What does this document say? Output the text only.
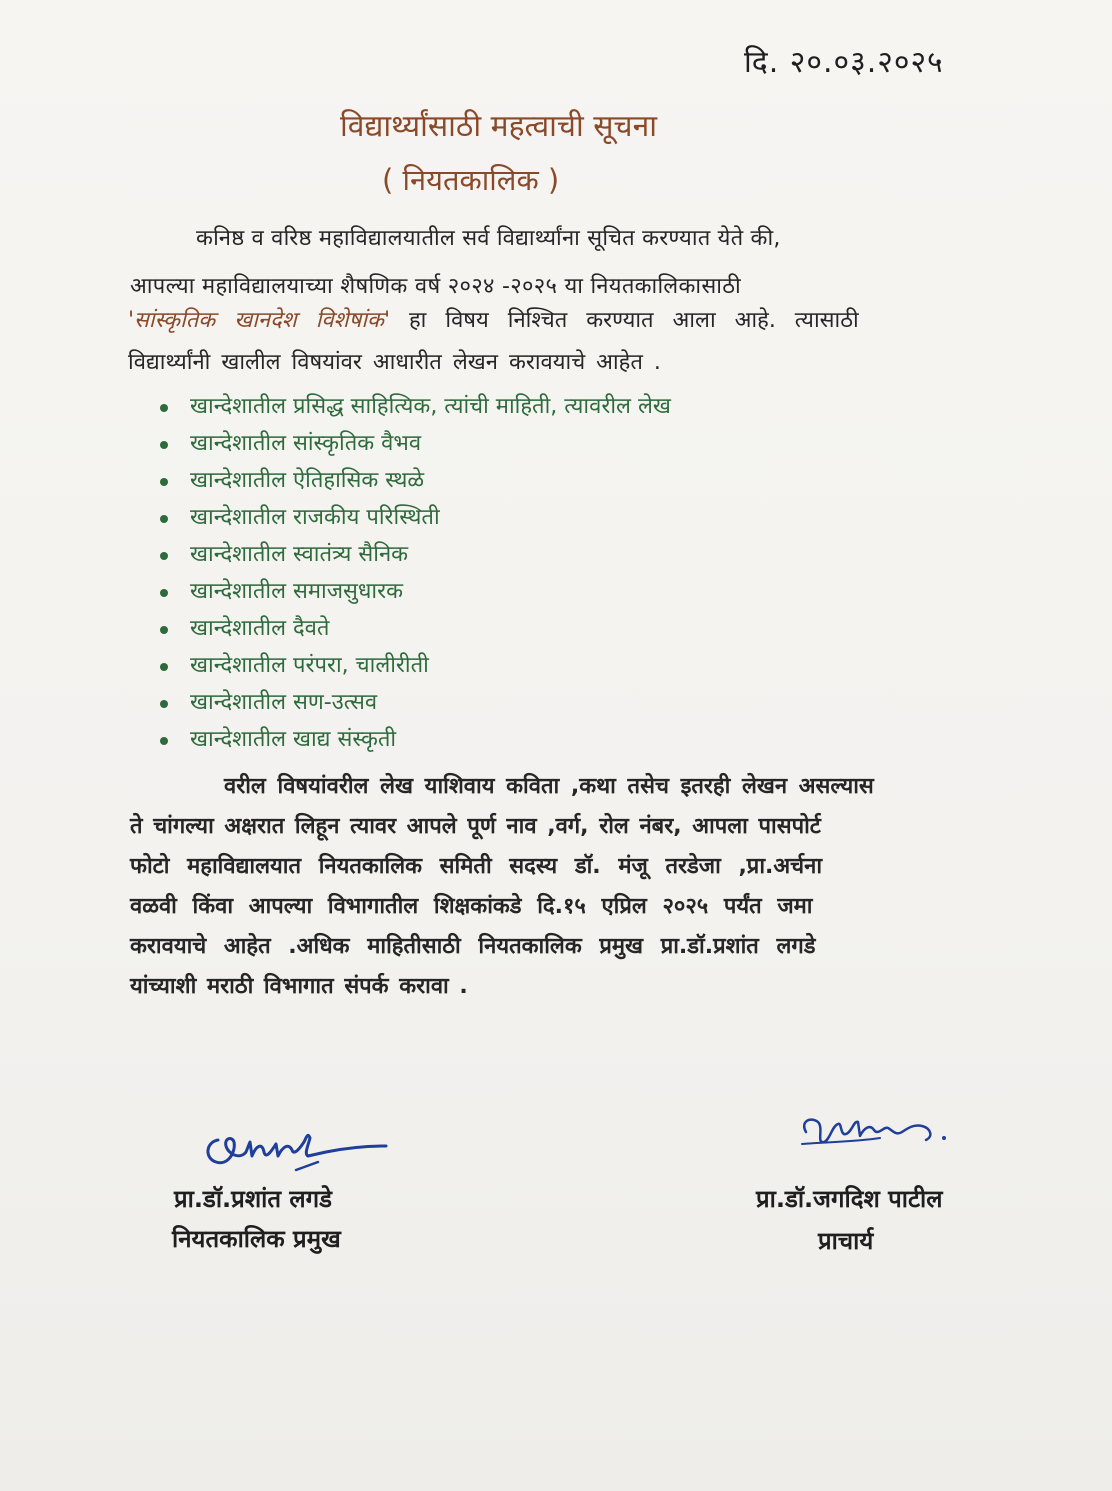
दि. २०.०३.२०२५
विद्यार्थ्यांसाठी महत्वाची सूचना
( नियतकालिक )
कनिष्ठ व वरिष्ठ महाविद्यालयातील सर्व विद्यार्थ्यांना सूचित करण्यात येते की,
आपल्या महाविद्यालयाच्या शैषणिक वर्ष २०२४ -२०२५ या नियतकालिकासाठी
'सांस्कृतिक खानदेश विशेषांक' हा विषय निश्चित करण्यात आला आहे. त्यासाठी
विद्यार्थ्यांनी खालील विषयांवर आधारीत लेखन करावयाचे आहेत .
खान्देशातील प्रसिद्ध साहित्यिक, त्यांची माहिती, त्यावरील लेख
खान्देशातील सांस्कृतिक वैभव
खान्देशातील ऐतिहासिक स्थळे
खान्देशातील राजकीय परिस्थिती
खान्देशातील स्वातंत्र्य सैनिक
खान्देशातील समाजसुधारक
खान्देशातील दैवते
खान्देशातील परंपरा, चालीरीती
खान्देशातील सण-उत्सव
खान्देशातील खाद्य संस्कृती
वरील विषयांवरील लेख याशिवाय कविता ,कथा तसेच इतरही लेखन असल्यास
ते चांगल्या अक्षरात लिहून त्यावर आपले पूर्ण नाव ,वर्ग, रोल नंबर, आपला पासपोर्ट
फोटो महाविद्यालयात नियतकालिक समिती सदस्य डॉ. मंजू तरडेजा ,प्रा.अर्चना
वळवी किंवा आपल्या विभागातील शिक्षकांकडे दि.१५ एप्रिल २०२५ पर्यंत जमा
करावयाचे आहेत .अधिक माहितीसाठी नियतकालिक प्रमुख प्रा.डॉ.प्रशांत लगडे
यांच्याशी मराठी विभागात संपर्क करावा .
प्रा.डॉ.प्रशांत लगडे
नियतकालिक प्रमुख
प्रा.डॉ.जगदिश पाटील
प्राचार्य
